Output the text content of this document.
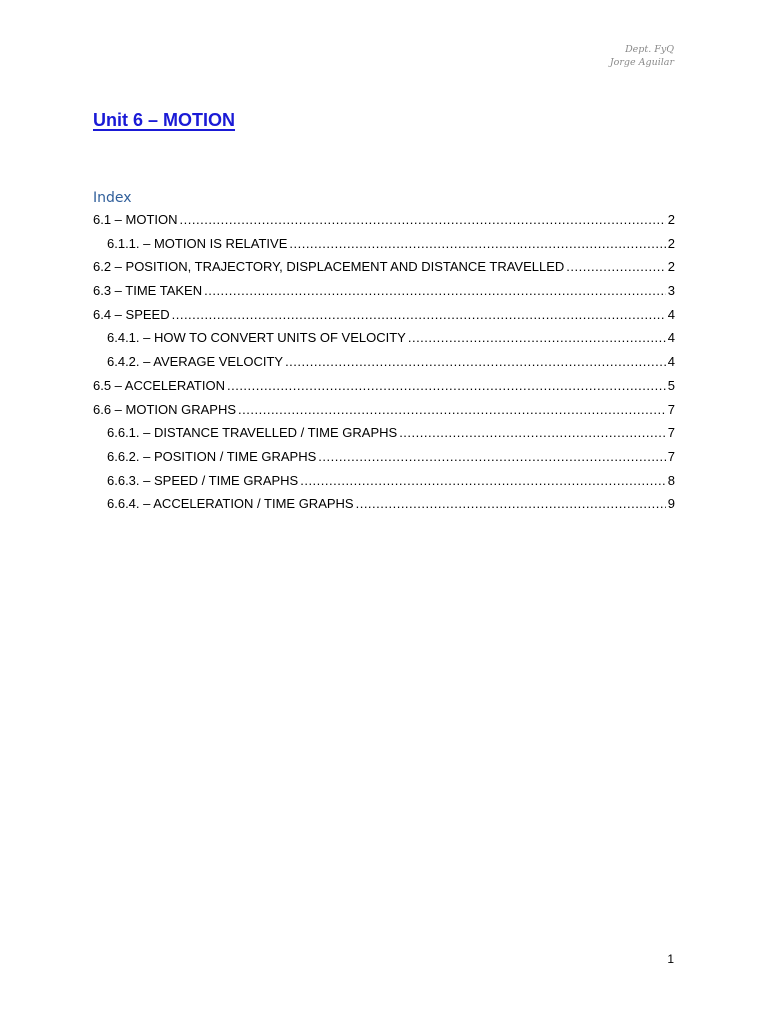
Dept. FyQ
Jorge Aguilar
Unit 6 – MOTION
Index
6.1 – MOTION .....	2
6.1.1. – MOTION IS RELATIVE .....	2
6.2 – POSITION, TRAJECTORY, DISPLACEMENT AND DISTANCE TRAVELLED .....	2
6.3 – TIME TAKEN .....	3
6.4 – SPEED .....	4
6.4.1. – HOW TO CONVERT UNITS OF VELOCITY .....	4
6.4.2. – AVERAGE VELOCITY .....	4
6.5 – ACCELERATION .....	5
6.6 – MOTION GRAPHS .....	7
6.6.1. – DISTANCE TRAVELLED / TIME GRAPHS .....	7
6.6.2. – POSITION / TIME GRAPHS .....	7
6.6.3. – SPEED / TIME GRAPHS .....	8
6.6.4. – ACCELERATION / TIME GRAPHS .....	9
1
